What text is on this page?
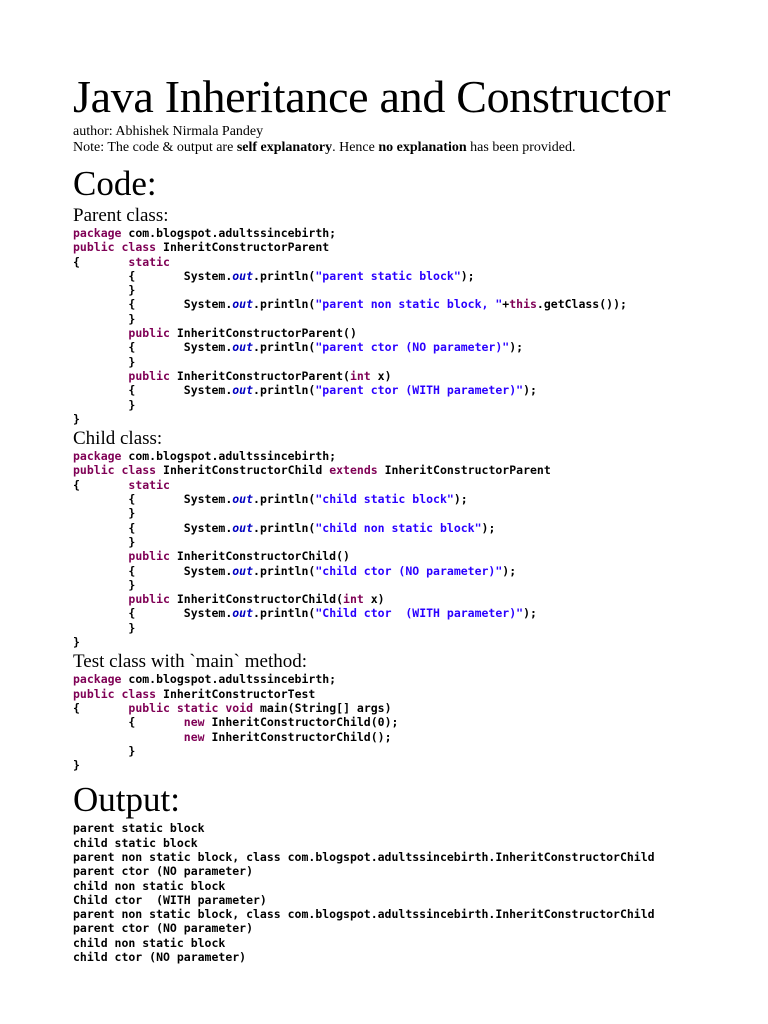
Java Inheritance and Constructor

author: Abhishek Nirmala Pandey

Note: The code & output are self explanatory. Hence no explanation has been provided.

Code:
Parent class:
package com.blogspot.adultssincebirth;
public class InheritConstructorParent
{	static
	{	System.out.println("parent static block");
	}
	{	System.out.println("parent non static block, "+this.getClass());
	}
	public InheritConstructorParent()
	{	System.out.println("parent ctor (NO parameter)");
	}
	public InheritConstructorParent(int x)
	{	System.out.println("parent ctor (WITH parameter)");
	}
}
Child class:
package com.blogspot.adultssincebirth;
public class InheritConstructorChild extends InheritConstructorParent
{	static
	{	System.out.println("child static block");
	}
	{	System.out.println("child non static block");
	}
	public InheritConstructorChild()
	{	System.out.println("child ctor (NO parameter)");
	}
	public InheritConstructorChild(int x)
	{	System.out.println("Child ctor  (WITH parameter)");
	}
}
Test class with `main` method:
package com.blogspot.adultssincebirth;
public class InheritConstructorTest
{	public static void main(String[] args)
	{	new InheritConstructorChild(0);
		new InheritConstructorChild();
	}
}
Output:
parent static block
child static block
parent non static block, class com.blogspot.adultssincebirth.InheritConstructorChild
parent ctor (NO parameter)
child non static block
Child ctor  (WITH parameter)
parent non static block, class com.blogspot.adultssincebirth.InheritConstructorChild
parent ctor (NO parameter)
child non static block
child ctor (NO parameter)
